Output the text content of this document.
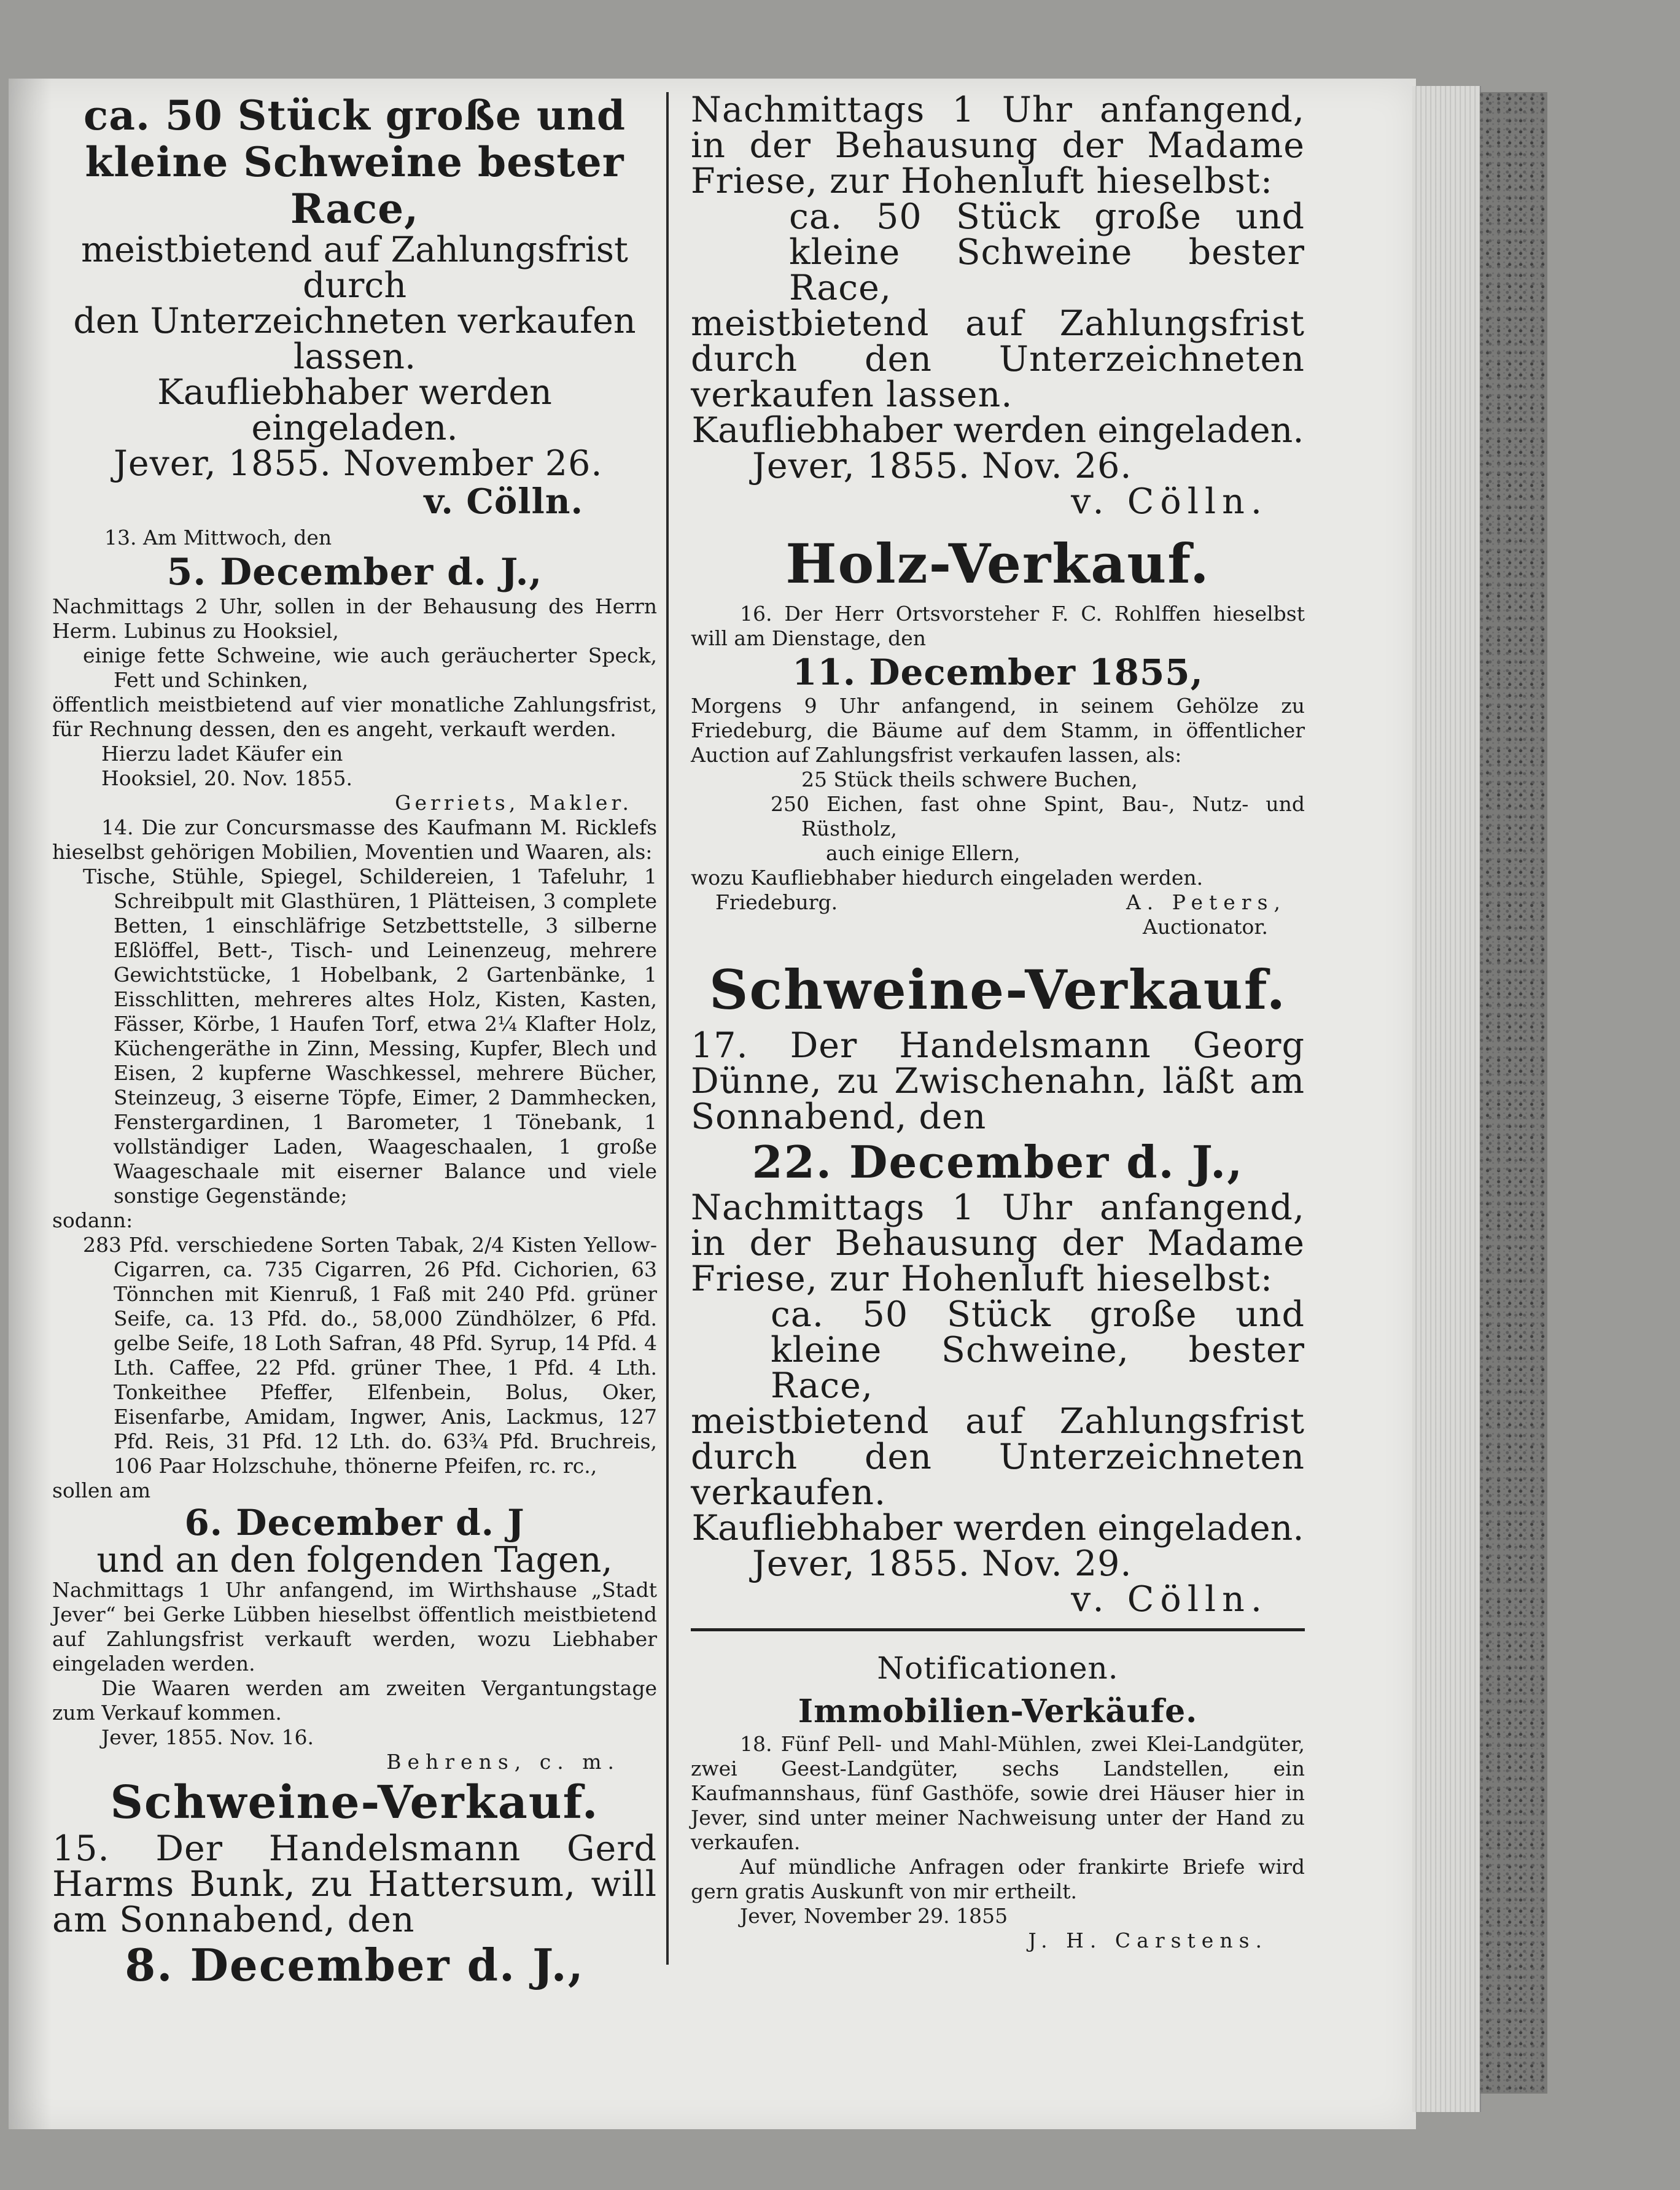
ca. 50 Stück große und
kleine Schweine bester Race,
meistbietend auf Zahlungsfrist durch
den Unterzeichneten verkaufen lassen.
Kaufliebhaber werden eingeladen.
Jever, 1855. November 26.
v. Cölln.
13. Am Mittwoch, den
5. December d. J.,
Nachmittags 2 Uhr, sollen in der Behausung des Herrn Herm. Lubinus zu Hooksiel,
einige fette Schweine, wie auch geräucherter Speck, Fett und Schinken,
öffentlich meistbietend auf vier monatliche Zahlungsfrist, für Rechnung dessen, den es angeht, verkauft werden.
Hierzu ladet Käufer ein
Hooksiel, 20. Nov. 1855.
Gerriets, Makler.
14. Die zur Concursmasse des Kaufmann M. Ricklefs hieselbst gehörigen Mobilien, Moventien und Waaren, als:
Tische, Stühle, Spiegel, Schildereien, 1 Tafeluhr, 1 Schreibpult mit Glasthüren, 1 Plätteisen, 3 complete Betten, 1 einschläfrige Setzbettstelle, 3 silberne Eßlöffel, Bett-, Tisch- und Leinenzeug, mehrere Gewichtstücke, 1 Hobelbank, 2 Gartenbänke, 1 Eisschlitten, mehreres altes Holz, Kisten, Kasten, Fässer, Körbe, 1 Haufen Torf, etwa 2¼ Klafter Holz, Küchengeräthe in Zinn, Messing, Kupfer, Blech und Eisen, 2 kupferne Waschkessel, mehrere Bücher, Steinzeug, 3 eiserne Töpfe, Eimer, 2 Dammhecken, Fenstergardinen, 1 Barometer, 1 Tönebank, 1 vollständiger Laden, Waageschaalen, 1 große Waageschaale mit eiserner Balance und viele sonstige Gegenstände;
sodann:
283 Pfd. verschiedene Sorten Tabak, 2/4 Kisten Yellow-Cigarren, ca. 735 Cigarren, 26 Pfd. Cichorien, 63 Tönnchen mit Kienruß, 1 Faß mit 240 Pfd. grüner Seife, ca. 13 Pfd. do., 58,000 Zündhölzer, 6 Pfd. gelbe Seife, 18 Loth Safran, 48 Pfd. Syrup, 14 Pfd. 4 Lth. Caffee, 22 Pfd. grüner Thee, 1 Pfd. 4 Lth. Tonkeithee Pfeffer, Elfenbein, Bolus, Oker, Eisenfarbe, Amidam, Ingwer, Anis, Lackmus, 127 Pfd. Reis, 31 Pfd. 12 Lth. do. 63¾ Pfd. Bruchreis, 106 Paar Holzschuhe, thönerne Pfeifen, rc. rc.,
sollen am
6. December d. J
und an den folgenden Tagen,
Nachmittags 1 Uhr anfangend, im Wirthshause „Stadt Jever“ bei Gerke Lübben hieselbst öffentlich meistbietend auf Zahlungsfrist verkauft werden, wozu Liebhaber eingeladen werden.
Die Waaren werden am zweiten Vergantungstage zum Verkauf kommen.
Jever, 1855. Nov. 16.
Behrens, c. m.
Schweine-Verkauf.
15. Der Handelsmann Gerd Harms Bunk, zu Hattersum, will am Sonnabend, den
8. December d. J.,
Nachmittags 1 Uhr anfangend, in der Behausung der Madame Friese, zur Hohenluft hieselbst:
ca. 50 Stück große und kleine Schweine bester Race,
meistbietend auf Zahlungsfrist durch den Unterzeichneten verkaufen lassen.
Kaufliebhaber werden eingeladen.
Jever, 1855. Nov. 26.
v. Cölln.
Holz-Verkauf.
16. Der Herr Ortsvorsteher F. C. Rohlffen hieselbst will am Dienstage, den
11. December 1855,
Morgens 9 Uhr anfangend, in seinem Gehölze zu Friedeburg, die Bäume auf dem Stamm, in öffentlicher Auction auf Zahlungsfrist verkaufen lassen, als:
25 Stück theils schwere Buchen,
250 Eichen, fast ohne Spint, Bau-, Nutz- und Rüstholz,
auch einige Ellern,
wozu Kaufliebhaber hiedurch eingeladen werden.
Friedeburg.	A. Peters,
Auctionator.
Schweine-Verkauf.
17. Der Handelsmann Georg Dünne, zu Zwischenahn, läßt am Sonnabend, den
22. December d. J.,
Nachmittags 1 Uhr anfangend, in der Behausung der Madame Friese, zur Hohenluft hieselbst:
ca. 50 Stück große und kleine Schweine, bester Race,
meistbietend auf Zahlungsfrist durch den Unterzeichneten verkaufen.
Kaufliebhaber werden eingeladen.
Jever, 1855. Nov. 29.
v. Cölln.
Notificationen.
Immobilien-Verkäufe.
18. Fünf Pell- und Mahl-Mühlen, zwei Klei-Landgüter, zwei Geest-Landgüter, sechs Landstellen, ein Kaufmannshaus, fünf Gasthöfe, sowie drei Häuser hier in Jever, sind unter meiner Nachweisung unter der Hand zu verkaufen.
Auf mündliche Anfragen oder frankirte Briefe wird gern gratis Auskunft von mir ertheilt.
Jever, November 29. 1855
J. H. Carstens.
